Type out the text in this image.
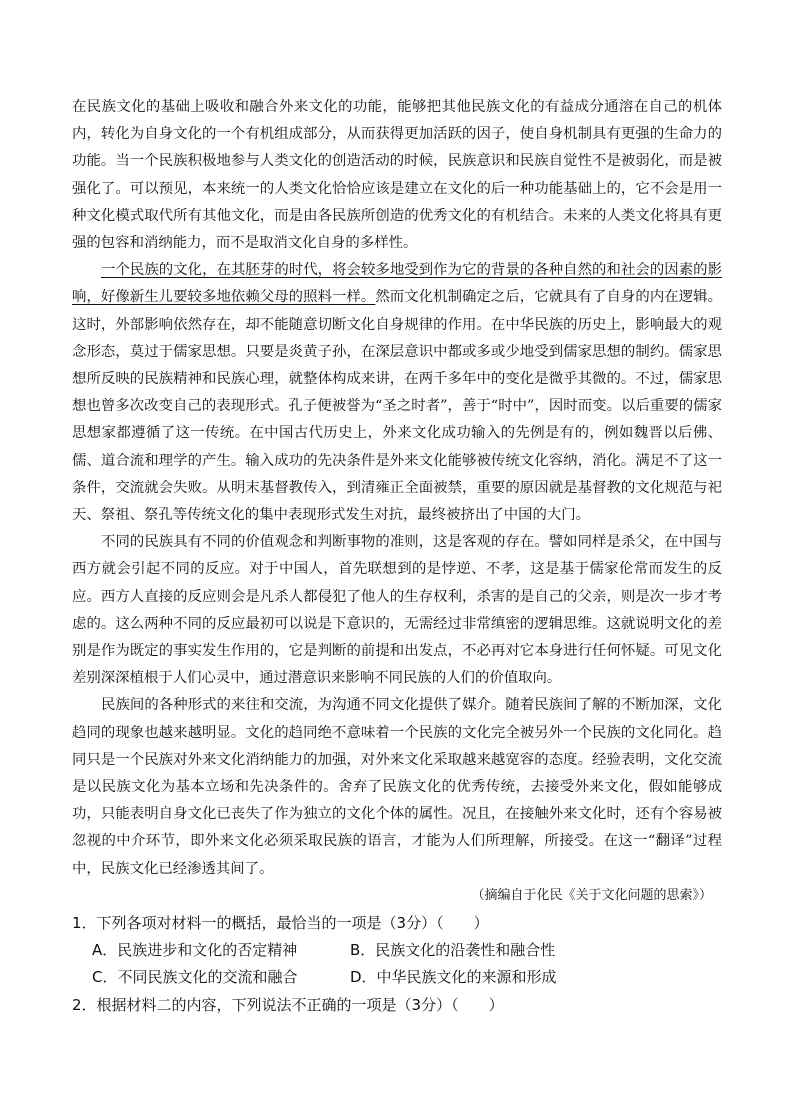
在民族文化的基础上吸收和融合外来文化的功能，能够把其他民族文化的有益成分通溶在自己的机体内，转化为自身文化的一个有机组成部分，从而获得更加活跃的因子，使自身机制具有更强的生命力的功能。当一个民族积极地参与人类文化的创造活动的时候，民族意识和民族自觉性不是被弱化，而是被强化了。可以预见，本来统一的人类文化恰恰应该是建立在文化的后一种功能基础上的，它不会是用一种文化模式取代所有其他文化，而是由各民族所创造的优秀文化的有机结合。未来的人类文化将具有更强的包容和消纳能力，而不是取消文化自身的多样性。

一个民族的文化，在其胚芽的时代，将会较多地受到作为它的背景的各种自然的和社会的因素的影响，好像新生儿要较多地依赖父母的照料一样。然而文化机制确定之后，它就具有了自身的内在逻辑。这时，外部影响依然存在，却不能随意切断文化自身规律的作用。在中华民族的历史上，影响最大的观念形态，莫过于儒家思想。只要是炎黄子孙，在深层意识中都或多或少地受到儒家思想的制约。儒家思想所反映的民族精神和民族心理，就整体构成来讲，在两千多年中的变化是微乎其微的。不过，儒家思想也曾多次改变自己的表现形式。孔子便被誉为“圣之时者”，善于“时中”，因时而变。以后重要的儒家思想家都遵循了这一传统。在中国古代历史上，外来文化成功输入的先例是有的，例如魏晋以后佛、儒、道合流和理学的产生。输入成功的先决条件是外来文化能够被传统文化容纳，消化。满足不了这一条件，交流就会失败。从明末基督教传入，到清雍正全面被禁，重要的原因就是基督教的文化规范与祀天、祭祖、祭孔等传统文化的集中表现形式发生对抗，最终被挤出了中国的大门。

不同的民族具有不同的价值观念和判断事物的准则，这是客观的存在。譬如同样是杀父，在中国与西方就会引起不同的反应。对于中国人，首先联想到的是悖逆、不孝，这是基于儒家伦常而发生的反应。西方人直接的反应则会是凡杀人都侵犯了他人的生存权利，杀害的是自己的父亲，则是次一步才考虑的。这么两种不同的反应最初可以说是下意识的，无需经过非常缜密的逻辑思维。这就说明文化的差别是作为既定的事实发生作用的，它是判断的前提和出发点，不必再对它本身进行任何怀疑。可见文化差别深深植根于人们心灵中，通过潜意识来影响不同民族的人们的价值取向。

民族间的各种形式的来往和交流，为沟通不同文化提供了媒介。随着民族间了解的不断加深，文化趋同的现象也越来越明显。文化的趋同绝不意味着一个民族的文化完全被另外一个民族的文化同化。趋同只是一个民族对外来文化消纳能力的加强，对外来文化采取越来越宽容的态度。经验表明，文化交流是以民族文化为基本立场和先决条件的。舍弃了民族文化的优秀传统，去接受外来文化，假如能够成功，只能表明自身文化已丧失了作为独立的文化个体的属性。况且，在接触外来文化时，还有个容易被忽视的中介环节，即外来文化必须采取民族的语言，才能为人们所理解，所接受。在这一“翻译”过程中，民族文化已经渗透其间了。

（摘编自于化民《关于文化问题的思索》）
1．下列各项对材料一的概括，最恰当的一项是（3分）（　　）
A．民族进步和文化的否定精神	B．民族文化的沿袭性和融合性
C．不同民族文化的交流和融合	D．中华民族文化的来源和形成
2．根据材料二的内容，下列说法不正确的一项是（3分）（　　）
